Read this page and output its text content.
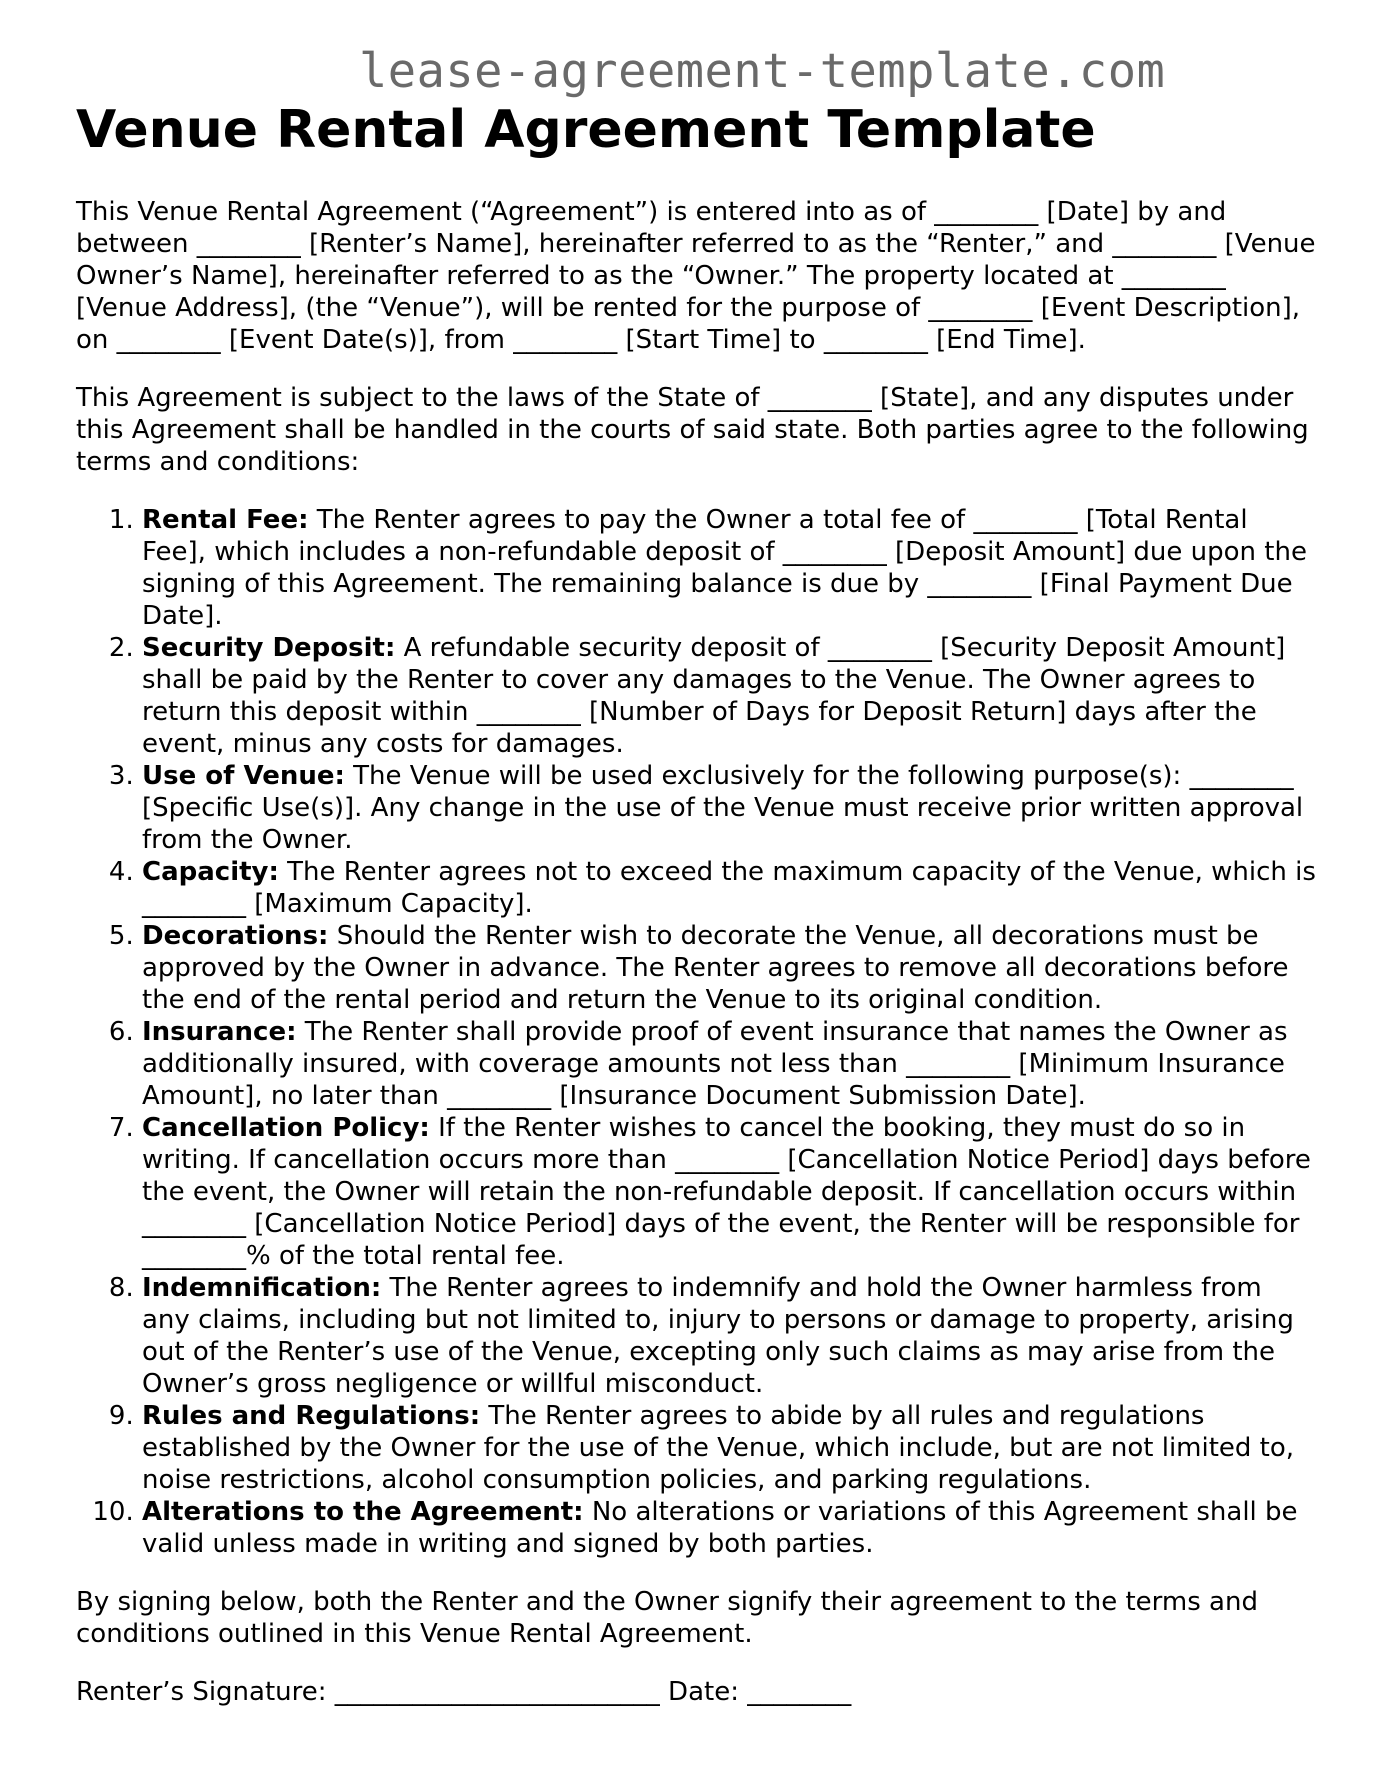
lease-agreement-template.com
Venue Rental Agreement Template

This Venue Rental Agreement (“Agreement”) is entered into as of ________ [Date] by and between ________ [Renter’s Name], hereinafter referred to as the “Renter,” and ________ [Venue Owner’s Name], hereinafter referred to as the “Owner.” The property located at ________ [Venue Address], (the “Venue”), will be rented for the purpose of ________ [Event Description], on ________ [Event Date(s)], from ________ [Start Time] to ________ [End Time].

This Agreement is subject to the laws of the State of ________ [State], and any disputes under this Agreement shall be handled in the courts of said state. Both parties agree to the following terms and conditions:

1. Rental Fee: The Renter agrees to pay the Owner a total fee of ________ [Total Rental Fee], which includes a non-refundable deposit of ________ [Deposit Amount] due upon the signing of this Agreement. The remaining balance is due by ________ [Final Payment Due Date].
2. Security Deposit: A refundable security deposit of ________ [Security Deposit Amount] shall be paid by the Renter to cover any damages to the Venue. The Owner agrees to return this deposit within ________ [Number of Days for Deposit Return] days after the event, minus any costs for damages.
3. Use of Venue: The Venue will be used exclusively for the following purpose(s): ________ [Specific Use(s)]. Any change in the use of the Venue must receive prior written approval from the Owner.
4. Capacity: The Renter agrees not to exceed the maximum capacity of the Venue, which is ________ [Maximum Capacity].
5. Decorations: Should the Renter wish to decorate the Venue, all decorations must be approved by the Owner in advance. The Renter agrees to remove all decorations before the end of the rental period and return the Venue to its original condition.
6. Insurance: The Renter shall provide proof of event insurance that names the Owner as additionally insured, with coverage amounts not less than ________ [Minimum Insurance Amount], no later than ________ [Insurance Document Submission Date].
7. Cancellation Policy: If the Renter wishes to cancel the booking, they must do so in writing. If cancellation occurs more than ________ [Cancellation Notice Period] days before the event, the Owner will retain the non-refundable deposit. If cancellation occurs within ________ [Cancellation Notice Period] days of the event, the Renter will be responsible for ________% of the total rental fee.
8. Indemnification: The Renter agrees to indemnify and hold the Owner harmless from any claims, including but not limited to, injury to persons or damage to property, arising out of the Renter’s use of the Venue, excepting only such claims as may arise from the Owner’s gross negligence or willful misconduct.
9. Rules and Regulations: The Renter agrees to abide by all rules and regulations established by the Owner for the use of the Venue, which include, but are not limited to, noise restrictions, alcohol consumption policies, and parking regulations.
10. Alterations to the Agreement: No alterations or variations of this Agreement shall be valid unless made in writing and signed by both parties.

By signing below, both the Renter and the Owner signify their agreement to the terms and conditions outlined in this Venue Rental Agreement.

Renter’s Signature: _________________________ Date: ________
